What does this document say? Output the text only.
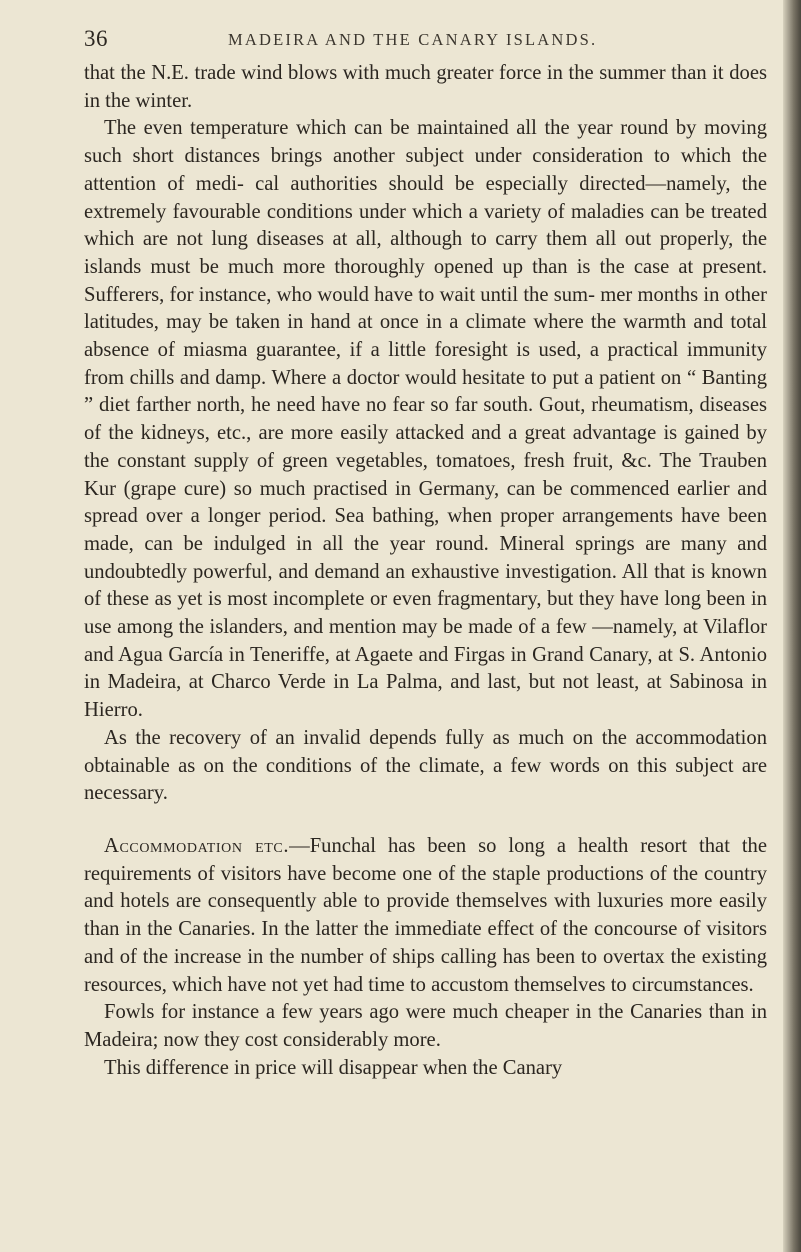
36	MADEIRA AND THE CANARY ISLANDS.

that the N.E. trade wind blows with much greater force in the summer than it does in the winter.

The even temperature which can be maintained all the year round by moving such short distances brings another subject under consideration to which the attention of medi- cal authorities should be especially directed—namely, the extremely favourable conditions under which a variety of maladies can be treated which are not lung diseases at all, although to carry them all out properly, the islands must be much more thoroughly opened up than is the case at present. Sufferers, for instance, who would have to wait until the sum- mer months in other latitudes, may be taken in hand at once in a climate where the warmth and total absence of miasma guarantee, if a little foresight is used, a practical immunity from chills and damp. Where a doctor would hesitate to put a patient on “ Banting ” diet farther north, he need have no fear so far south. Gout, rheumatism, diseases of the kidneys, etc., are more easily attacked and a great advantage is gained by the constant supply of green vegetables, tomatoes, fresh fruit, &c. The Trauben Kur (grape cure) so much practised in Germany, can be commenced earlier and spread over a longer period. Sea bathing, when proper arrangements have been made, can be indulged in all the year round. Mineral springs are many and undoubtedly powerful, and demand an exhaustive investigation. All that is known of these as yet is most incomplete or even fragmentary, but they have long been in use among the islanders, and mention may be made of a few —namely, at Vilaflor and Agua García in Teneriffe, at Agaete and Firgas in Grand Canary, at S. Antonio in Madeira, at Charco Verde in La Palma, and last, but not least, at Sabinosa in Hierro.

As the recovery of an invalid depends fully as much on the accommodation obtainable as on the conditions of the climate, a few words on this subject are necessary.

Accommodation etc.—Funchal has been so long a health resort that the requirements of visitors have become one of the staple productions of the country and hotels are consequently able to provide themselves with luxuries more easily than in the Canaries. In the latter the immediate effect of the concourse of visitors and of the increase in the number of ships calling has been to overtax the existing resources, which have not yet had time to accustom themselves to circumstances.

Fowls for instance a few years ago were much cheaper in the Canaries than in Madeira; now they cost considerably more.

This difference in price will disappear when the Canary
